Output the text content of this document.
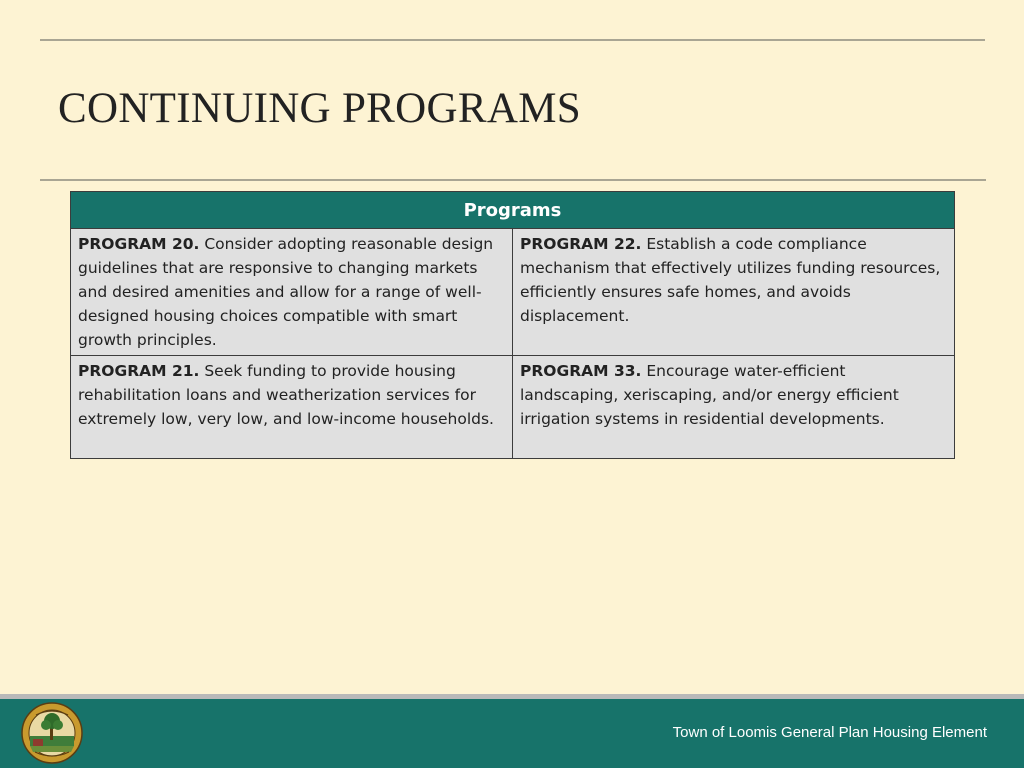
CONTINUING PROGRAMS
Programs	
PROGRAM 20. Consider adopting reasonable design guidelines that are responsive to changing markets and desired amenities and allow for a range of well-designed housing choices compatible with smart growth principles.	PROGRAM 22. Establish a code compliance mechanism that effectively utilizes funding resources, efficiently ensures safe homes, and avoids displacement.
PROGRAM 21. Seek funding to provide housing rehabilitation loans and weatherization services for extremely low, very low, and low-income households.	PROGRAM 33. Encourage water-efficient landscaping, xeriscaping, and/or energy efficient irrigation systems in residential developments.
Town of Loomis General Plan Housing Element
